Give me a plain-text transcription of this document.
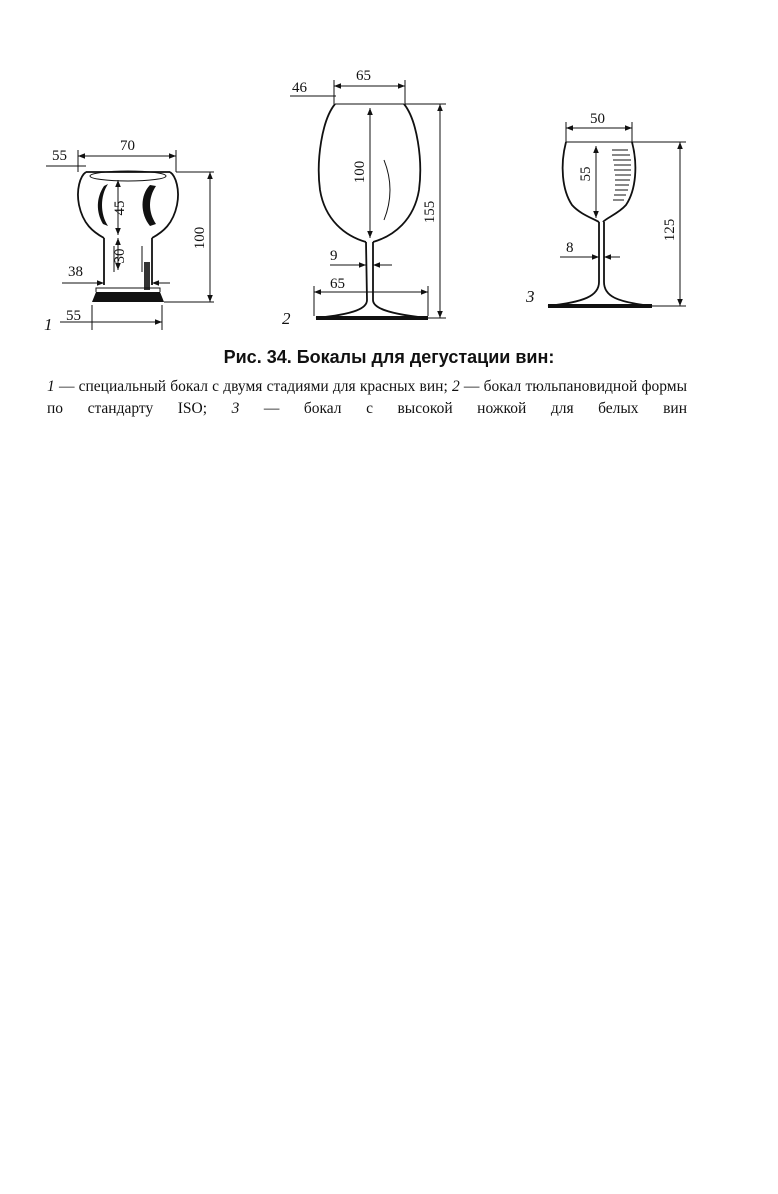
55
70
45
30
38
55
100
1
46
65
100
9
65
155
2
50
55
8
125
3
Рис. 34. Бокалы для дегустации вин:

1 — специальный бокал с двумя стадиями для красных вин; 2 — бокал тюльпановидной формы по стандарту ISO; 3 — бокал с высокой ножкой для белых вин
